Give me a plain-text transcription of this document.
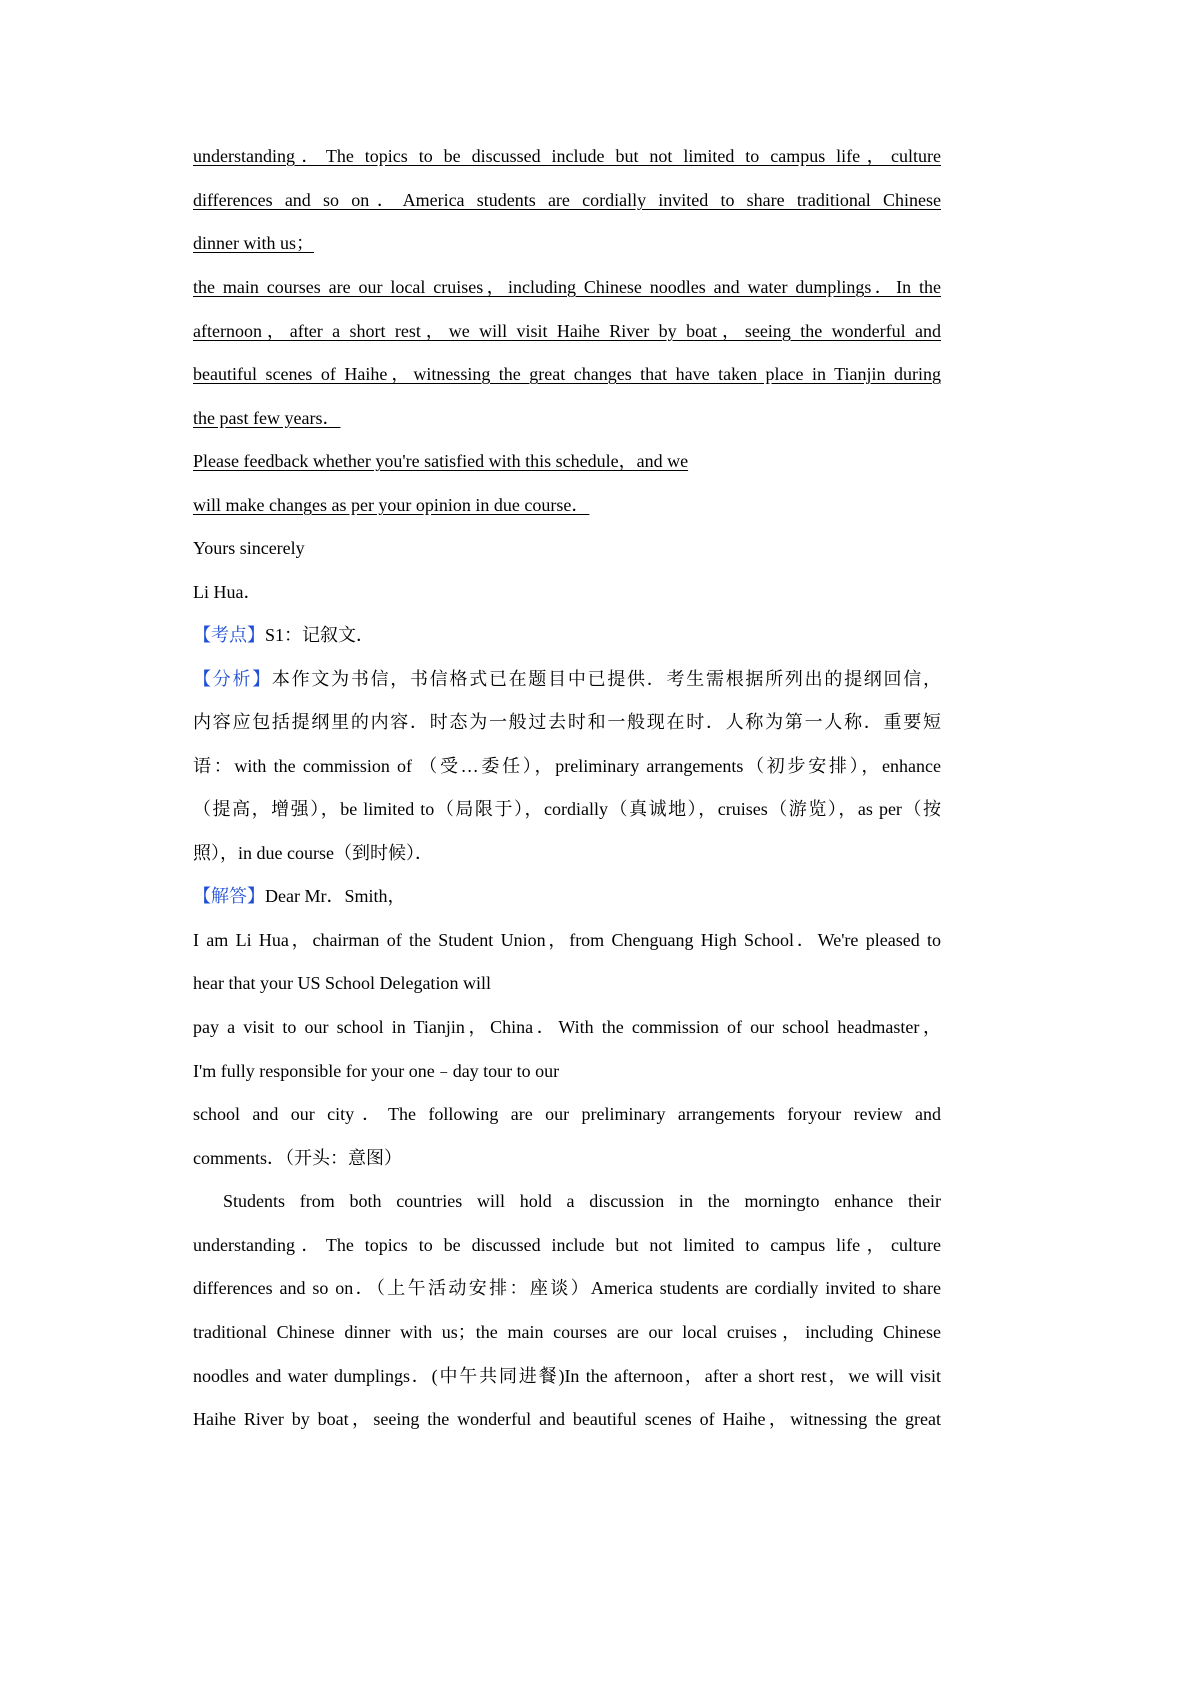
understanding．The topics to be discussed include but not limited to campus life，culture
differences and so on．America students are cordially invited to share traditional Chinese
dinner with us；
the main courses are our local cruises，including Chinese noodles and water dumplings．In the
afternoon，after a short rest，we will visit Haihe River by boat，seeing the wonderful and
beautiful scenes of Haihe，witnessing the great changes that have taken place in Tianjin during
the past few years．
Please feedback whether you're satisfied with this schedule，and we
will make changes as per your opinion in due course．
Yours sincerely
Li Hua．
【考点】S1：记叙文．
【分析】本作文为书信，书信格式已在题目中已提供．考生需根据所列出的提纲回信，
内容应包括提纲里的内容．时态为一般过去时和一般现在时．人称为第一人称．重要短
语：with the commission of （受…委任），preliminary arrangements（初步安排），enhance
（提高，增强），be limited to（局限于），cordially（真诚地），cruises（游览），as per（按
照），in due course（到时候）．
【解答】Dear Mr．Smith，
I am Li Hua，chairman of the Student Union，from Chenguang High School．We're pleased to
hear that your US School Delegation will
pay a visit to our school in Tianjin，China．With the commission of our school headmaster，
I'm fully responsible for your one﹣day tour to our
school and our city．The following are our preliminary arrangements foryour review and
comments．（开头：意图）
Students from both countries will hold a discussion in the morningto enhance their
understanding．The topics to be discussed include but not limited to campus life，culture
differences and so on．（上午活动安排：座谈）America students are cordially invited to share
traditional Chinese dinner with us；the main courses are our local cruises，including Chinese
noodles and water dumplings．(中午共同进餐)In the afternoon，after a short rest，we will visit
Haihe River by boat，seeing the wonderful and beautiful scenes of Haihe，witnessing the great
